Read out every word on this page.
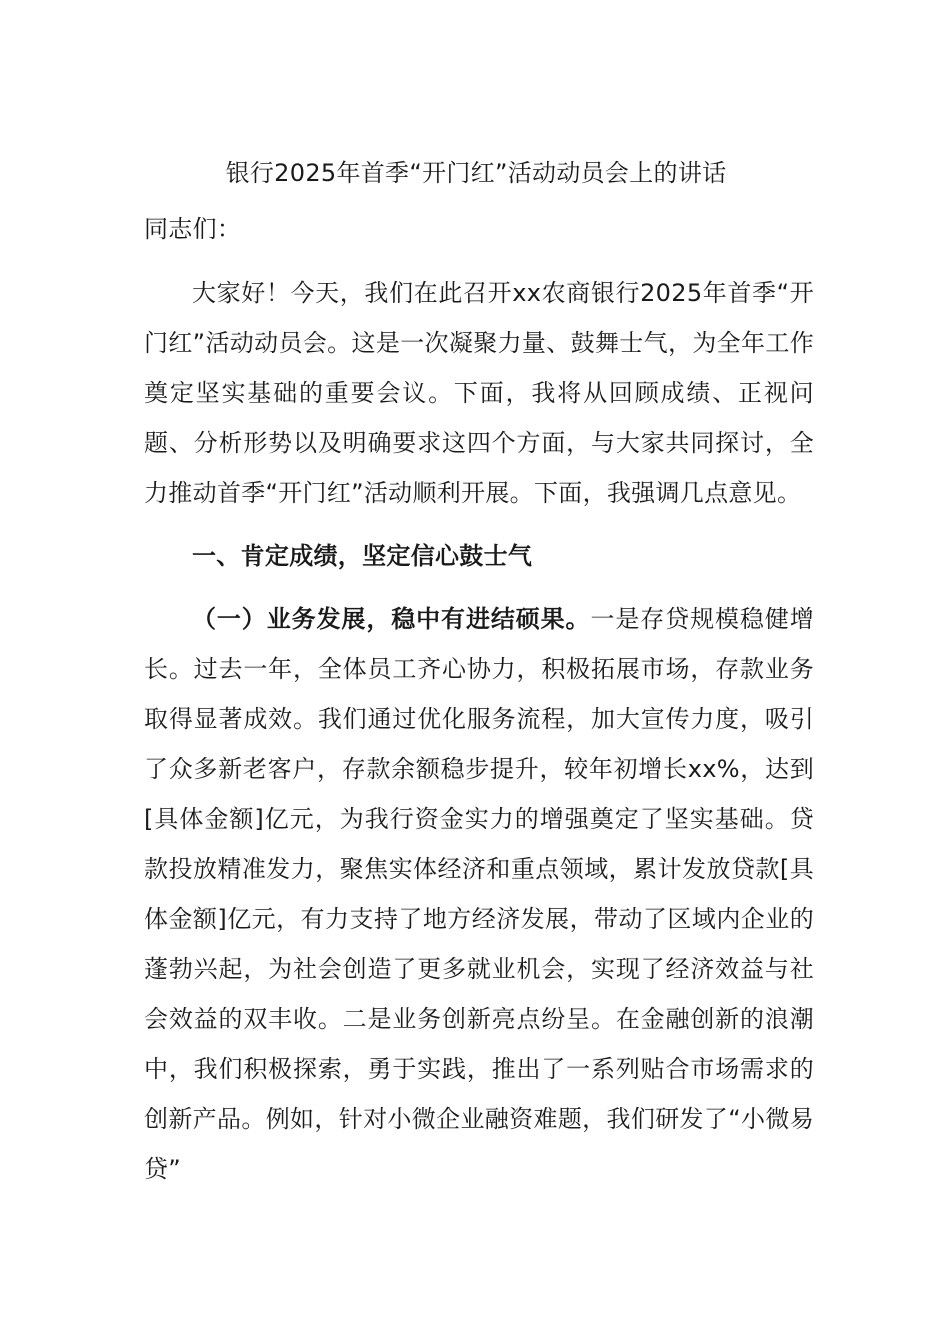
银行2025年首季“开门红”活动动员会上的讲话

同志们：

大家好！今天，我们在此召开xx农商银行2025年首季“开门红”活动动员会。这是一次凝聚力量、鼓舞士气，为全年工作奠定坚实基础的重要会议。下面，我将从回顾成绩、正视问题、分析形势以及明确要求这四个方面，与大家共同探讨，全力推动首季“开门红”活动顺利开展。下面，我强调几点意见。

一、肯定成绩，坚定信心鼓士气

（一）业务发展，稳中有进结硕果。一是存贷规模稳健增长。过去一年，全体员工齐心协力，积极拓展市场，存款业务取得显著成效。我们通过优化服务流程，加大宣传力度，吸引了众多新老客户，存款余额稳步提升，较年初增长xx%，达到[具体金额]亿元，为我行资金实力的增强奠定了坚实基础。贷款投放精准发力，聚焦实体经济和重点领域，累计发放贷款[具体金额]亿元，有力支持了地方经济发展，带动了区域内企业的蓬勃兴起，为社会创造了更多就业机会，实现了经济效益与社会效益的双丰收。二是业务创新亮点纷呈。在金融创新的浪潮中，我们积极探索，勇于实践，推出了一系列贴合市场需求的创新产品。例如，针对小微企业融资难题，我们研发了“小微易贷”
